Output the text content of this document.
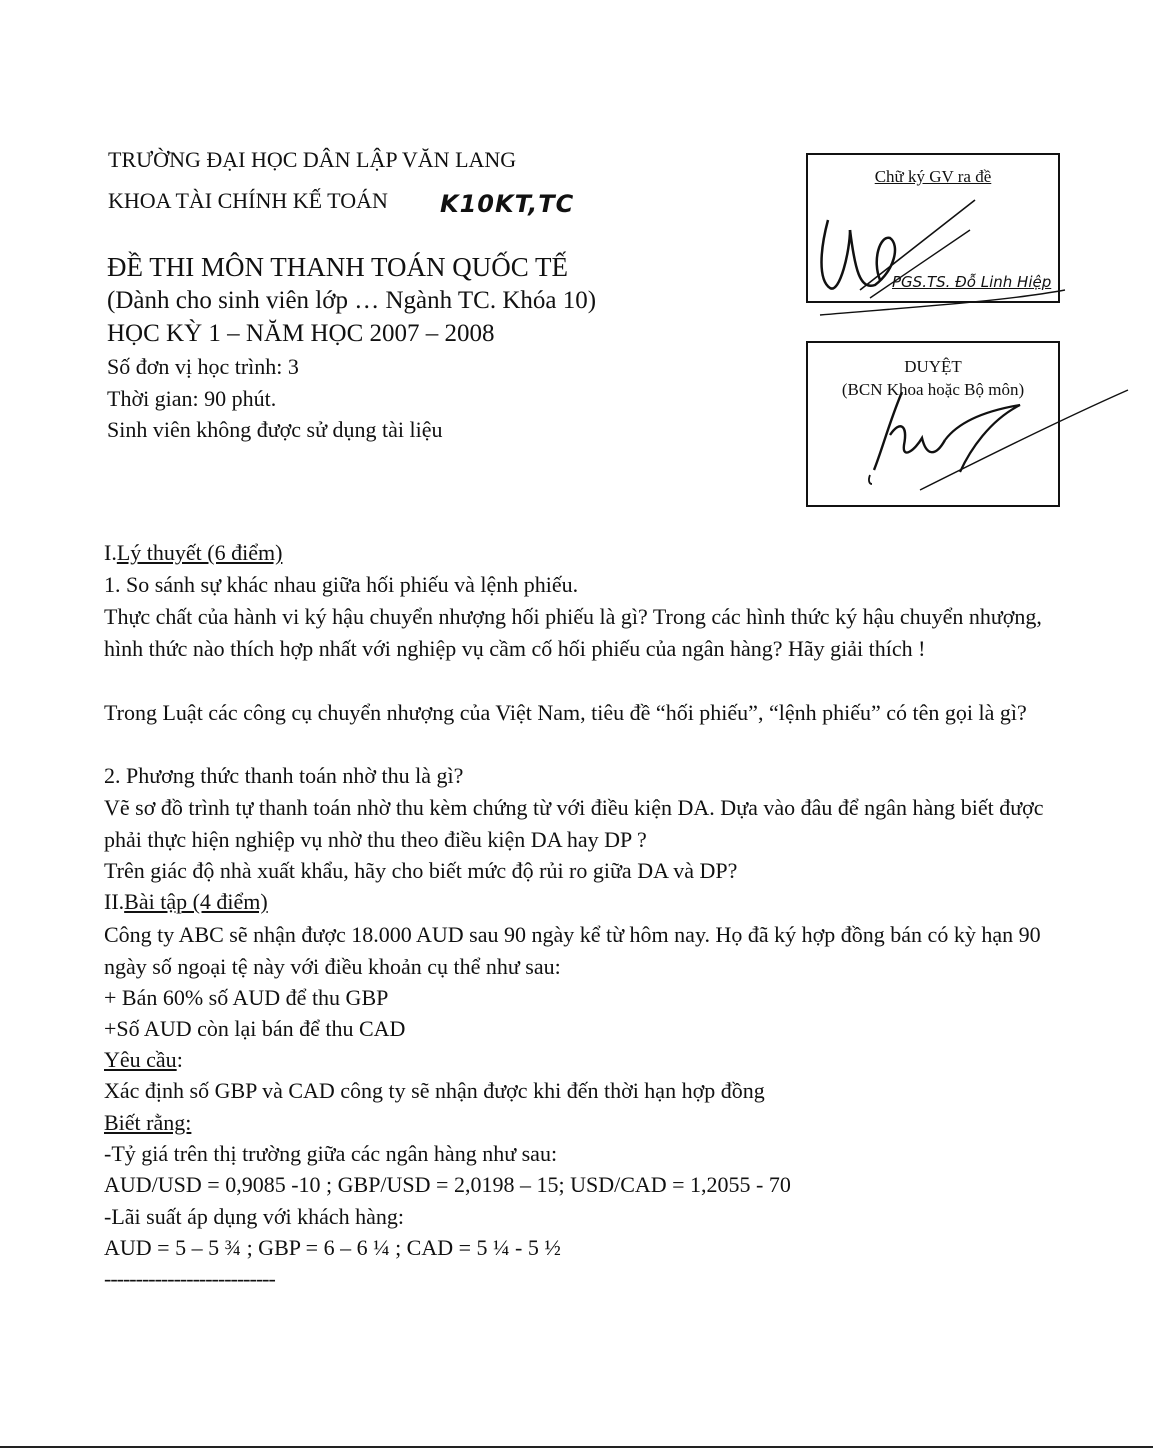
TRƯỜNG ĐẠI HỌC DÂN LẬP VĂN LANG
KHOA TÀI CHÍNH KẾ TOÁN K10KT,TC
ĐỀ THI MÔN THANH TOÁN QUỐC TẾ
(Dành cho sinh viên lớp … Ngành TC. Khóa 10)
HỌC KỲ 1 – NĂM HỌC 2007 – 2008
Số đơn vị học trình: 3
Thời gian: 90 phút.
Sinh viên không được sử dụng tài liệu
Chữ ký GV ra đề
PGS.TS. Đỗ Linh Hiệp
DUYỆT
(BCN Khoa hoặc Bộ môn)
I.Lý thuyết (6 điểm)
1. So sánh sự khác nhau giữa hối phiếu và lệnh phiếu.
Thực chất của hành vi ký hậu chuyển nhượng hối phiếu là gì? Trong các hình thức ký hậu chuyển nhượng, hình thức nào thích hợp nhất với nghiệp vụ cầm cố hối phiếu của ngân hàng? Hãy giải thích !
Trong Luật các công cụ chuyển nhượng của Việt Nam, tiêu đề “hối phiếu”, “lệnh phiếu” có tên gọi là gì?
2. Phương thức thanh toán nhờ thu là gì?
Vẽ sơ đồ trình tự thanh toán nhờ thu kèm chứng từ với điều kiện DA. Dựa vào đâu để ngân hàng biết được phải thực hiện nghiệp vụ nhờ thu theo điều kiện DA hay DP ?
Trên giác độ nhà xuất khẩu, hãy cho biết mức độ rủi ro giữa DA và DP?
II.Bài tập (4 điểm)
Công ty ABC sẽ nhận được 18.000 AUD sau 90 ngày kể từ hôm nay. Họ đã ký hợp đồng bán có kỳ hạn 90 ngày số ngoại tệ này với điều khoản cụ thể như sau:
+ Bán 60% số AUD để thu GBP
+Số AUD còn lại bán để thu CAD
Yêu cầu:
Xác định số GBP và CAD công ty sẽ nhận được khi đến thời hạn hợp đồng
Biết rằng:
-Tỷ giá trên thị trường giữa các ngân hàng như sau:
AUD/USD = 0,9085 -10 ; GBP/USD = 2,0198 – 15; USD/CAD = 1,2055 - 70
-Lãi suất áp dụng với khách hàng:
AUD = 5 – 5 ¾ ; GBP = 6 – 6 ¼ ; CAD = 5 ¼ - 5 ½
---------------------------
